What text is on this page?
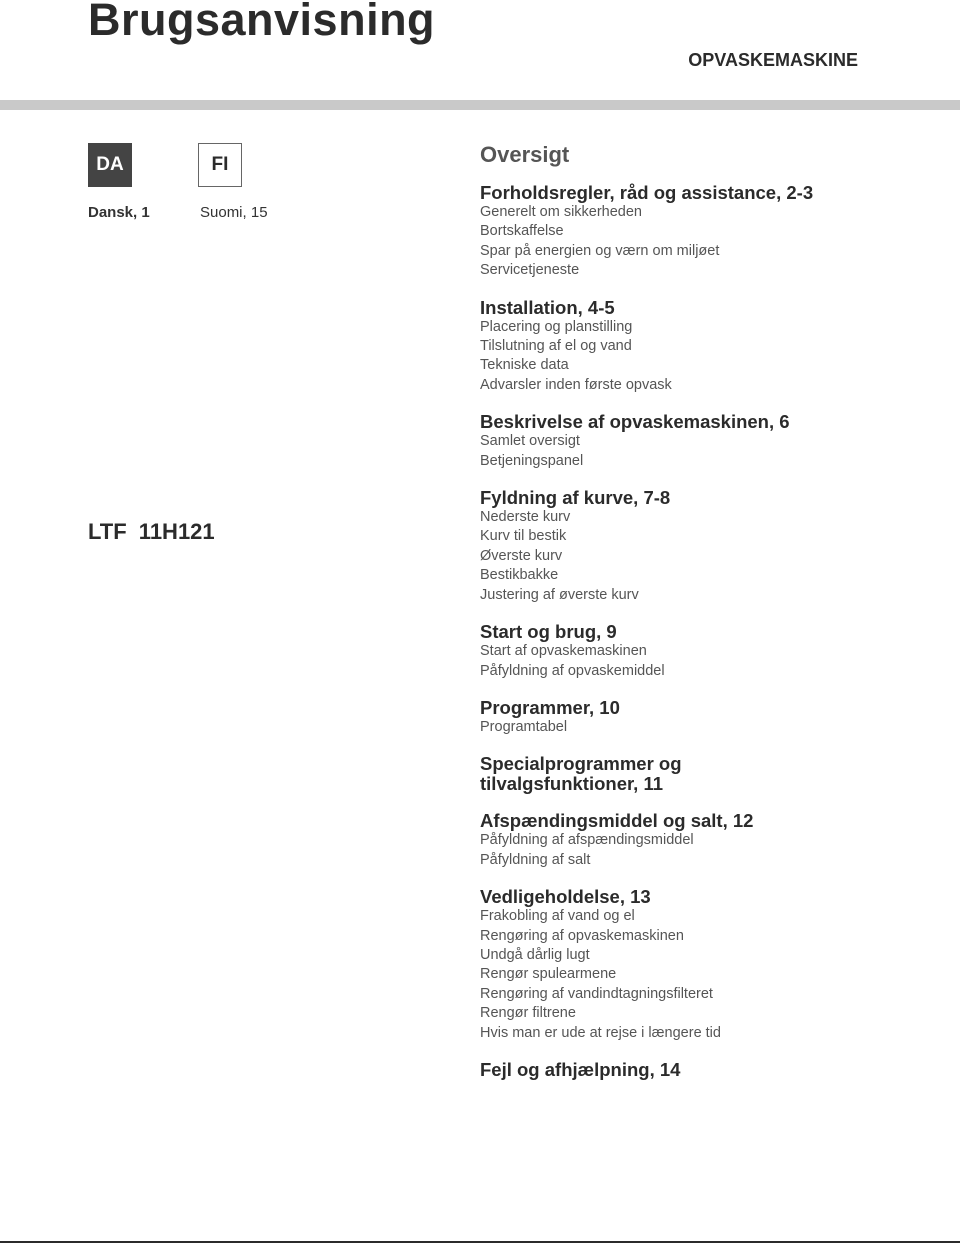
Brugsanvisning
OPVASKEMASKINE
DA	FI
Dansk, 1	Suomi, 15
LTF 11H121
Oversigt
Forholdsregler, råd og assistance, 2-3
Generelt om sikkerheden
Bortskaffelse
Spar på energien og værn om miljøet
Servicetjeneste
Installation, 4-5
Placering og planstilling
Tilslutning af el og vand
Tekniske data
Advarsler inden første opvask
Beskrivelse af opvaskemaskinen, 6
Samlet oversigt
Betjeningspanel
Fyldning af kurve, 7-8
Nederste kurv
Kurv til bestik
Øverste kurv
Bestikbakke
Justering af øverste kurv
Start og brug, 9
Start af opvaskemaskinen
Påfyldning af opvaskemiddel
Programmer, 10
Programtabel
Specialprogrammer og
tilvalgsfunktioner, 11
Afspændingsmiddel og salt, 12
Påfyldning af afspændingsmiddel
Påfyldning af salt
Vedligeholdelse, 13
Frakobling af vand og el
Rengøring af opvaskemaskinen
Undgå dårlig lugt
Rengør spulearmene
Rengøring af vandindtagningsfilteret
Rengør filtrene
Hvis man er ude at rejse i længere tid
Fejl og afhjælpning, 14
